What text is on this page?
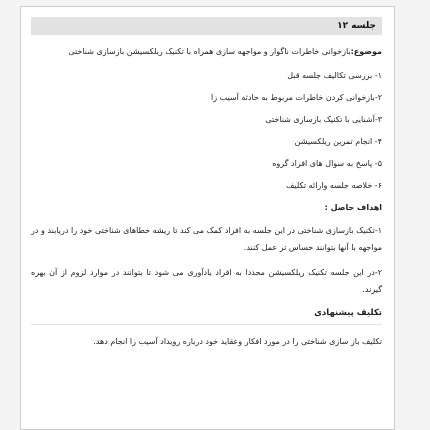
جلسه ۱۲

موضوع:بازخوانی خاطرات ناگوار و مواجهه سازی همراه با تکنیک ریلکسیشن بازسازی شناختی

۱- بررسی تکالیف جلسه قبل

۲-بازخوانی کردن خاطرات مربوط به حادثه آسیب زا

۳-آشنایی با تکنیک بازسازی شناختی

۴- انجام تمرین ریلکسیشن

۵- پاسخ به سوال های افراد گروه

۶- خلاصه جلسه وارائه تکلیف

اهداف حاصل :

۱-تکنیک بازسازی شناختی در این جلسه به افراد کمک می کند تا ریشه خطاهای شناختی خود را دریابند و در مواجهه با آنها بتوانند حساس تر عمل کنند.

۲-در این جلسه تکنیک ریلکسیشن مجددا به افراد یادآوری می شود تا بتوانند در موارد لزوم از آن بهره گیرند.

تکلیف پیشنهادی

تکلیف باز سازی شناختی را در مورد افکار وعقاید خود درباره رویداد آسیب زا انجام دهد.
